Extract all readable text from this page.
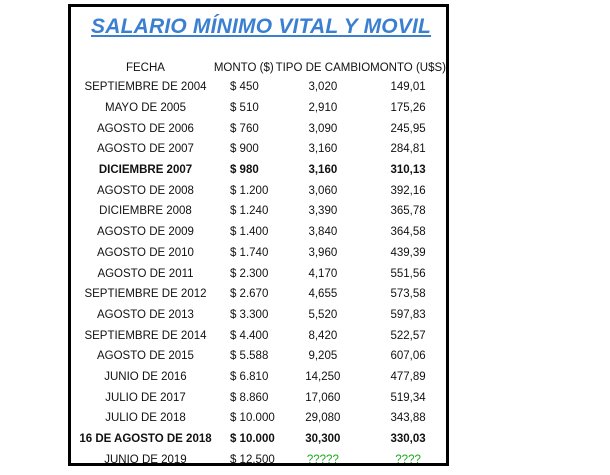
SALARIO MÍNIMO VITAL Y MOVIL
FECHA	MONTO ($)	TIPO DE CAMBIO	MONTO (U$S)
SEPTIEMBRE DE 2004	$ 450	3,020	149,01
MAYO DE 2005	$ 510	2,910	175,26
AGOSTO DE 2006	$ 760	3,090	245,95
AGOSTO DE 2007	$ 900	3,160	284,81
DICIEMBRE 2007	$ 980	3,160	310,13
AGOSTO DE 2008	$ 1.200	3,060	392,16
DICIEMBRE 2008	$ 1.240	3,390	365,78
AGOSTO DE 2009	$ 1.400	3,840	364,58
AGOSTO DE 2010	$ 1.740	3,960	439,39
AGOSTO DE 2011	$ 2.300	4,170	551,56
SEPTIEMBRE DE 2012	$ 2.670	4,655	573,58
AGOSTO DE 2013	$ 3.300	5,520	597,83
SEPTIEMBRE DE 2014	$ 4.400	8,420	522,57
AGOSTO DE 2015	$ 5.588	9,205	607,06
JUNIO DE 2016	$ 6.810	14,250	477,89
JULIO DE 2017	$ 8.860	17,060	519,34
JULIO DE 2018	$ 10.000	29,080	343,88
16 DE AGOSTO DE 2018	$ 10.000	30,300	330,03
JUNIO DE 2019	$ 12.500	?????	????
